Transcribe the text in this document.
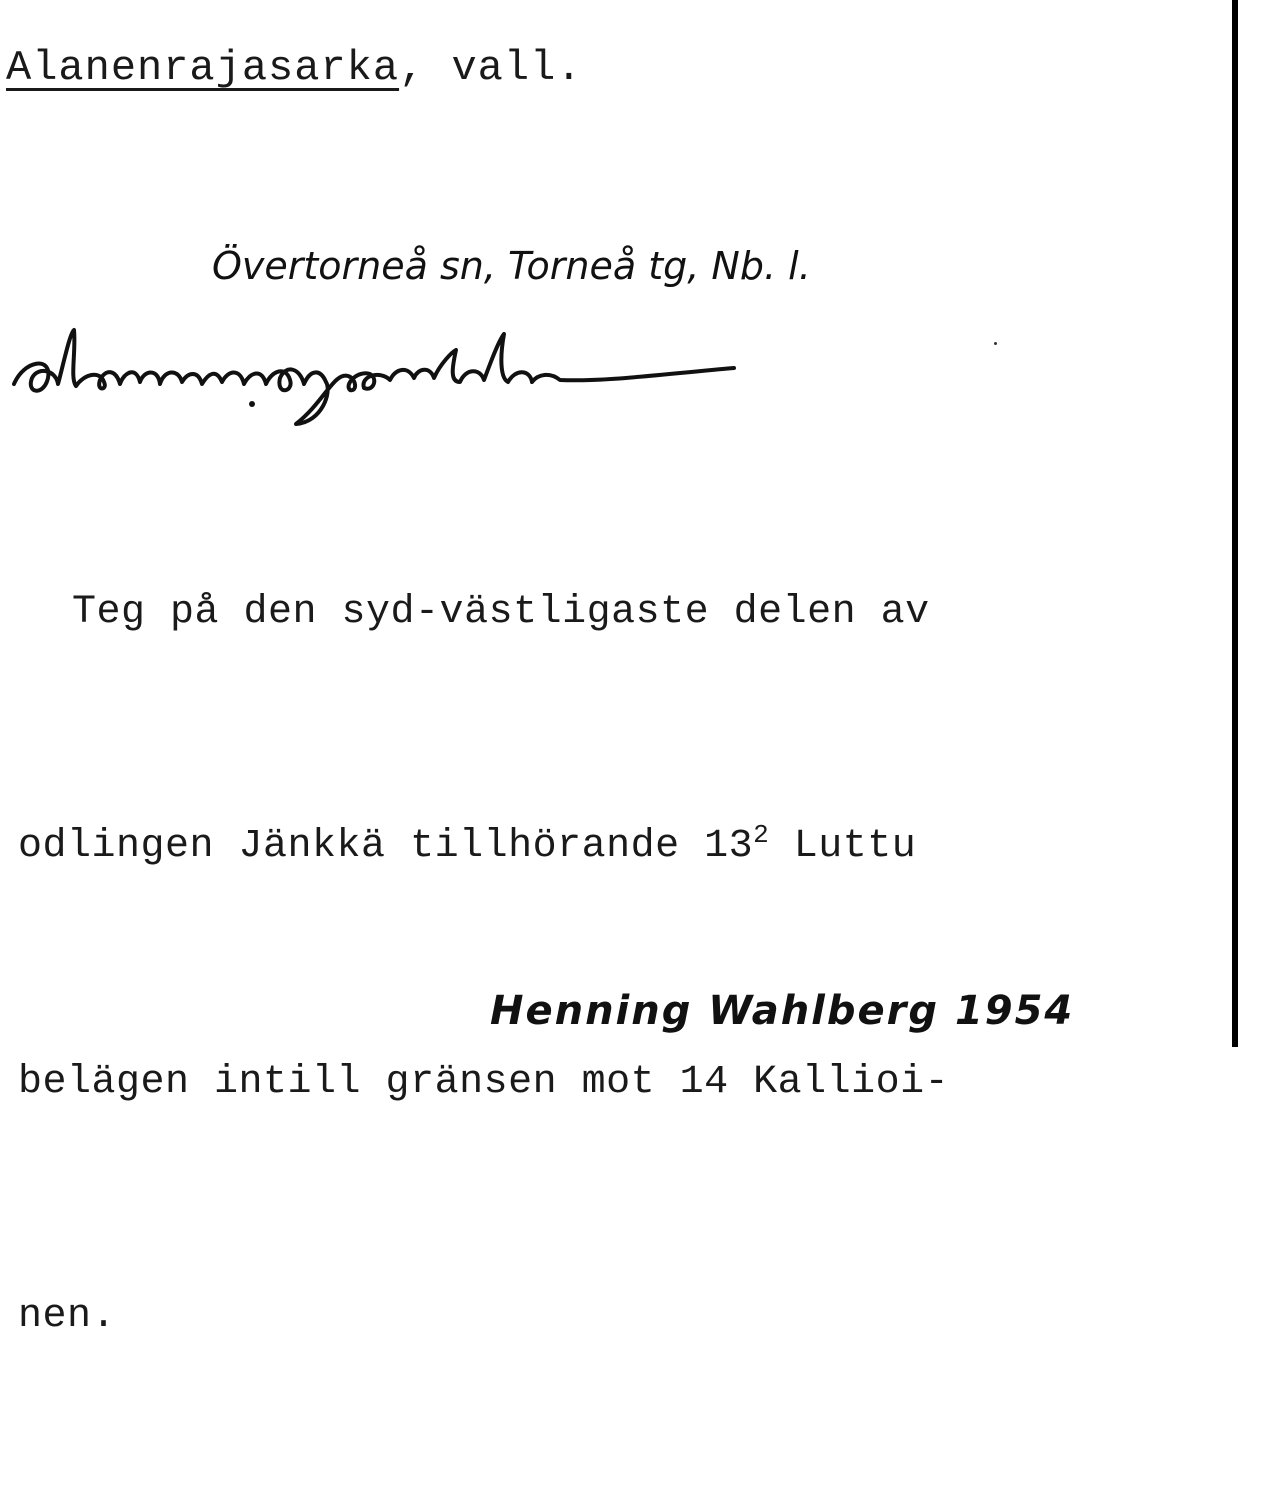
Alanenrajasarka, vall.
Övertorneå sn, Torneå tg, Nb. l.

Teg på den syd-västligaste delen av

odlingen Jänkkä tillhörande $13^2$ Luttu

belägen intill gränsen mot 14 Kallioi-

nen.

Henning Wahlberg 1954
